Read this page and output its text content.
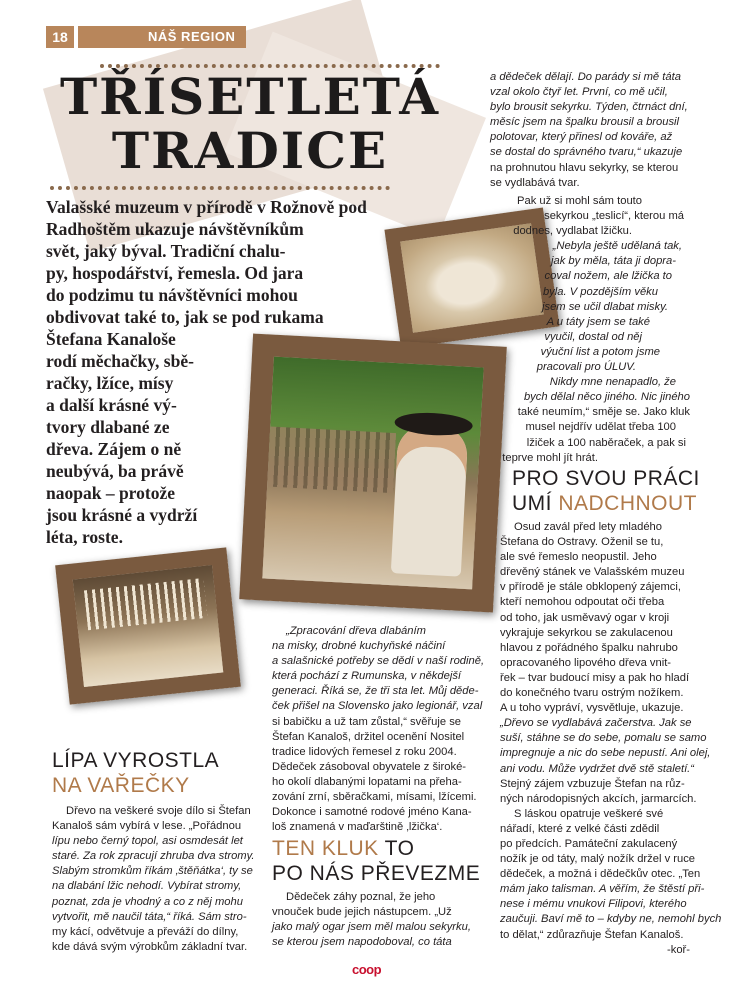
18	NÁŠ REGION
TŘÍSETLETÁ
TRADICE
Valašské muzeum v přírodě v Rožnově pod
Radhoštěm ukazuje návštěvníkům
svět, jaký býval. Tradiční chalu-
py, hospodářství, řemesla. Od jara
do podzimu tu návštěvníci mohou
obdivovat také to, jak se pod rukama
Štefana Kanaloše
rodí měchačky, sbě-
račky, lžíce, mísy
a další krásné vý-
tvory dlabané ze
dřeva. Zájem o ně
neubývá, ba právě
naopak – protože
jsou krásné a vydrží
léta, roste.
LÍPA VYROSTLA
NA VAŘEČKY
Dřevo na veškeré svoje dílo si Štefan
Kanaloš sám vybírá v lese. „Pořádnou
lípu nebo černý topol, asi osmdesát let
staré. Za rok zpracují zhruba dva stromy.
Slabým stromkům říkám ‚štěňátka‘, ty se
na dlabání lžic nehodí. Vybírat stromy,
poznat, zda je vhodný a co z něj mohu
vytvořit, mě naučil táta,“ říká. Sám stro-
my kácí, odvětvuje a převáží do dílny,
kde dává svým výrobkům základní tvar.
„Zpracování dřeva dlabáním
na misky, drobné kuchyňské náčiní
a salašnické potřeby se dědí v naší rodině,
která pochází z Rumunska, v někdejší
generaci. Říká se, že tři sta let. Můj děde-
ček přišel na Slovensko jako legionář, vzal
si babičku a už tam zůstal,“ svěřuje se
Štefan Kanaloš, držitel ocenění Nositel
tradice lidových řemesel z roku 2004.
Dědeček zásoboval obyvatele z široké-
ho okolí dlabanými lopatami na přeha-
zování zrní, sběračkami, mísami, lžícemi.
Dokonce i samotné rodové jméno Kana-
loš znamená v maďarštině ‚lžička‘.
TEN KLUK TO
PO NÁS PŘEVEZME
Dědeček záhy poznal, že jeho
vnouček bude jejich nástupcem. „Už
jako malý ogar jsem měl malou sekyrku,
se kterou jsem napodoboval, co táta
a dědeček dělají. Do parády si mě táta
vzal okolo čtyř let. První, co mě učil,
bylo brousit sekyrku. Týden, čtrnáct dní,
měsíc jsem na špalku brousil a brousil
polotovar, který přinesl od kováře, až
se dostal do správného tvaru,“ ukazuje
na prohnutou hlavu sekyrky, se kterou
se vydlabává tvar.
Pak už si mohl sám touto
sekyrkou „teslicí“, kterou má
dodnes, vydlabat lžičku.
„Nebyla ještě udělaná tak,
jak by měla, táta ji dopra-
coval nožem, ale lžička to
byla. V pozdějším věku
jsem se učil dlabat misky.
A u táty jsem se také
vyučil, dostal od něj
výuční list a potom jsme
pracovali pro ÚLUV.
Nikdy mne nenapadlo, že
bych dělal něco jiného. Nic jiného
také neumím,“ směje se. Jako kluk
musel nejdřív udělat třeba 100
lžiček a 100 naběraček, a pak si
teprve mohl jít hrát.
PRO SVOU PRÁCI
UMÍ NADCHNOUT
Osud zavál před lety mladého
Štefana do Ostravy. Oženil se tu,
ale své řemeslo neopustil. Jeho
dřevěný stánek ve Valašském muzeu
v přírodě je stále obklopený zájemci,
kteří nemohou odpoutat oči třeba
od toho, jak usměvavý ogar v kroji
vykrajuje sekyrkou se zakulacenou
hlavou z pořádného špalku nahrubo
opracovaného lipového dřeva vnit-
řek – tvar budoucí misy a pak ho hladí
do konečného tvaru ostrým nožíkem.
A u toho vypráví, vysvětluje, ukazuje.
„Dřevo se vydlabává začerstva. Jak se
suší, stáhne se do sebe, pomalu se samo
impregnuje a nic do sebe nepustí. Ani olej,
ani vodu. Může vydržet dvě stě staletí.“
Stejný zájem vzbuzuje Štefan na růz-
ných národopisných akcích, jarmarcích.
S láskou opatruje veškeré své
nářadí, které z velké části zdědil
po předcích. Památeční zakulacený
nožík je od táty, malý nožík držel v ruce
dědeček, a možná i dědečkův otec. „Ten
mám jako talisman. A věřím, že štěstí při-
nese i mému vnukovi Filipovi, kterého
zaučuji. Baví mě to – kdyby ne, nemohl bych
to dělat,“ zdůrazňuje Štefan Kanaloš.
-koř-
coop
